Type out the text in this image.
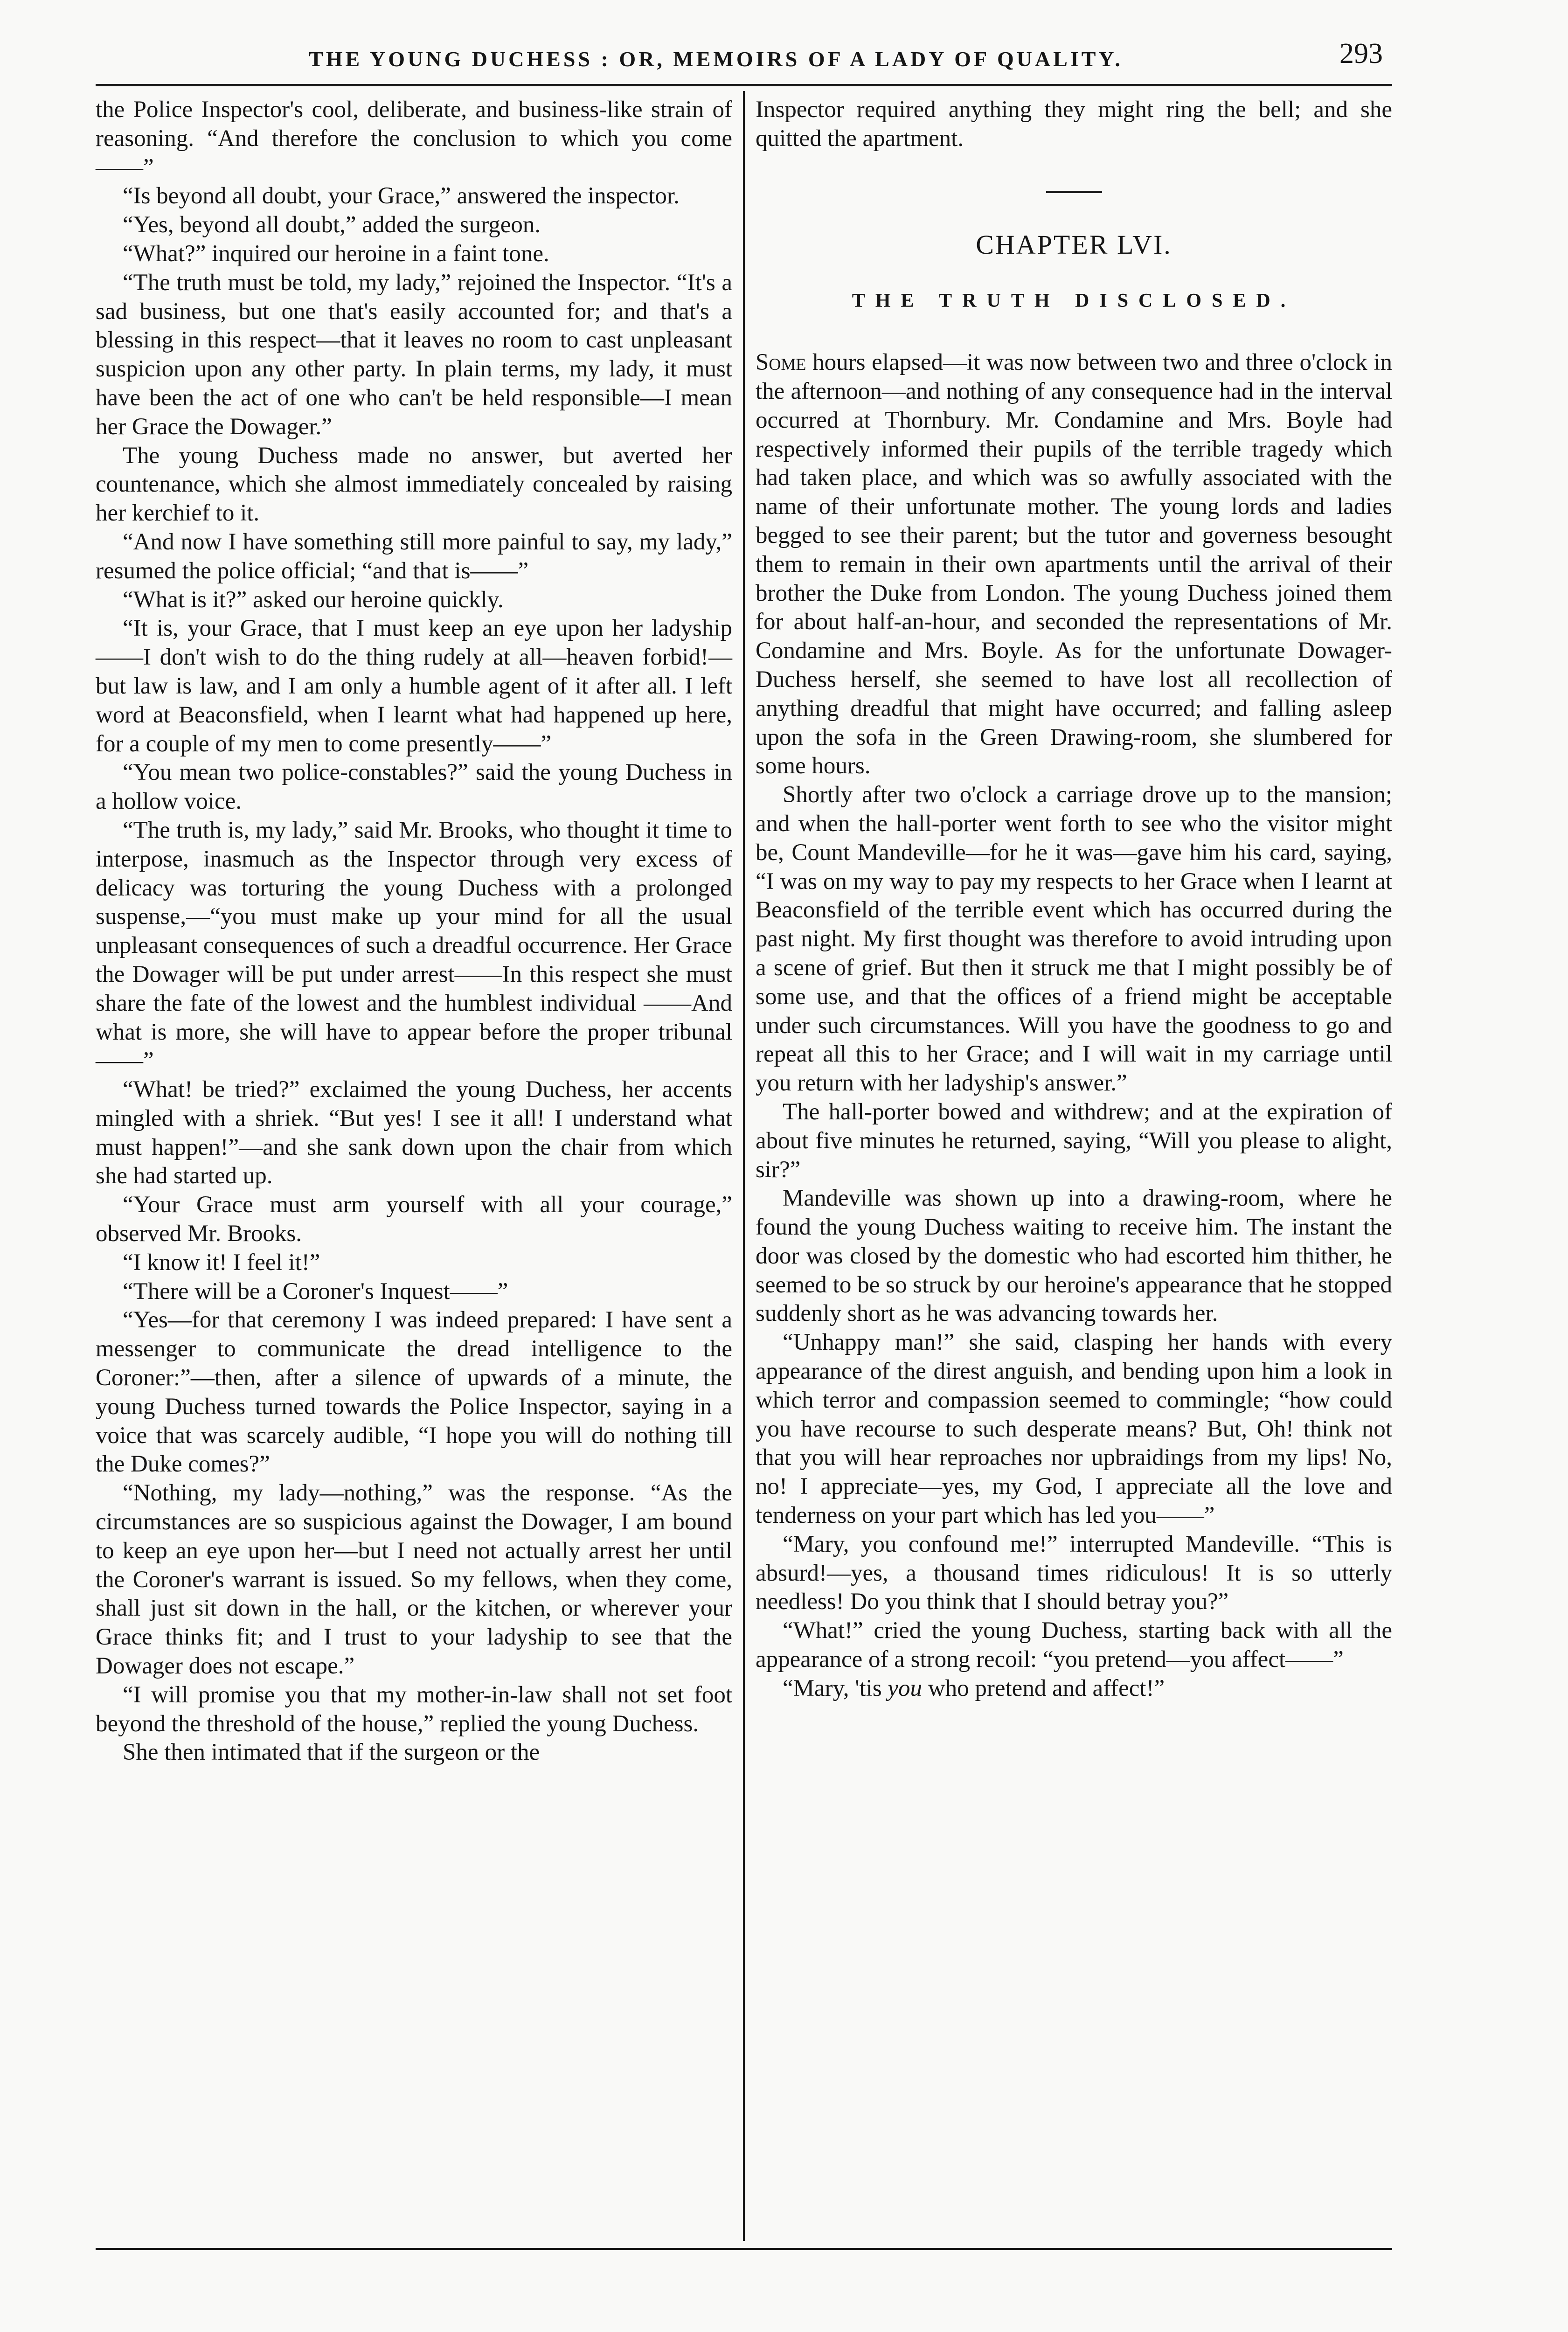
THE YOUNG DUCHESS : OR, MEMOIRS OF A LADY OF QUALITY.	293

the Police Inspector's cool, deliberate, and business-like strain of reasoning. “And therefore the conclusion to which you come——”

“Is beyond all doubt, your Grace,” answered the inspector.

“Yes, beyond all doubt,” added the surgeon.

“What?” inquired our heroine in a faint tone.

“The truth must be told, my lady,” rejoined the Inspector. “It's a sad business, but one that's easily accounted for; and that's a blessing in this respect—that it leaves no room to cast unpleasant suspicion upon any other party. In plain terms, my lady, it must have been the act of one who can't be held responsible—I mean her Grace the Dowager.”

The young Duchess made no answer, but averted her countenance, which she almost immediately concealed by raising her kerchief to it.

“And now I have something still more painful to say, my lady,” resumed the police official; “and that is——”

“What is it?” asked our heroine quickly.

“It is, your Grace, that I must keep an eye upon her ladyship——I don't wish to do the thing rudely at all—heaven forbid!—but law is law, and I am only a humble agent of it after all. I left word at Beaconsfield, when I learnt what had happened up here, for a couple of my men to come presently——”

“You mean two police-constables?” said the young Duchess in a hollow voice.

“The truth is, my lady,” said Mr. Brooks, who thought it time to interpose, inasmuch as the Inspector through very excess of delicacy was torturing the young Duchess with a prolonged suspense,—“you must make up your mind for all the usual unpleasant consequences of such a dreadful occurrence. Her Grace the Dowager will be put under arrest——In this respect she must share the fate of the lowest and the humblest individual ——And what is more, she will have to appear before the proper tribunal——”

“What! be tried?” exclaimed the young Duchess, her accents mingled with a shriek. “But yes! I see it all! I understand what must happen!”—and she sank down upon the chair from which she had started up.

“Your Grace must arm yourself with all your courage,” observed Mr. Brooks.

“I know it! I feel it!”

“There will be a Coroner's Inquest——”

“Yes—for that ceremony I was indeed prepared: I have sent a messenger to communicate the dread intelligence to the Coroner:”—then, after a silence of upwards of a minute, the young Duchess turned towards the Police Inspector, saying in a voice that was scarcely audible, “I hope you will do nothing till the Duke comes?”

“Nothing, my lady—nothing,” was the response. “As the circumstances are so suspicious against the Dowager, I am bound to keep an eye upon her—but I need not actually arrest her until the Coroner's warrant is issued. So my fellows, when they come, shall just sit down in the hall, or the kitchen, or wherever your Grace thinks fit; and I trust to your ladyship to see that the Dowager does not escape.”

“I will promise you that my mother-in-law shall not set foot beyond the threshold of the house,” replied the young Duchess.

She then intimated that if the surgeon or the

Inspector required anything they might ring the bell; and she quitted the apartment.

CHAPTER LVI.
THE TRUTH DISCLOSED.

Some hours elapsed—it was now between two and three o'clock in the afternoon—and nothing of any consequence had in the interval occurred at Thornbury. Mr. Condamine and Mrs. Boyle had respectively informed their pupils of the terrible tragedy which had taken place, and which was so awfully associated with the name of their unfortunate mother. The young lords and ladies begged to see their parent; but the tutor and governess besought them to remain in their own apartments until the arrival of their brother the Duke from London. The young Duchess joined them for about half-an-hour, and seconded the representations of Mr. Condamine and Mrs. Boyle. As for the unfortunate Dowager-Duchess herself, she seemed to have lost all recollection of anything dreadful that might have occurred; and falling asleep upon the sofa in the Green Drawing-room, she slumbered for some hours.

Shortly after two o'clock a carriage drove up to the mansion; and when the hall-porter went forth to see who the visitor might be, Count Mandeville—for he it was—gave him his card, saying, “I was on my way to pay my respects to her Grace when I learnt at Beaconsfield of the terrible event which has occurred during the past night. My first thought was therefore to avoid intruding upon a scene of grief. But then it struck me that I might possibly be of some use, and that the offices of a friend might be acceptable under such circumstances. Will you have the goodness to go and repeat all this to her Grace; and I will wait in my carriage until you return with her ladyship's answer.”

The hall-porter bowed and withdrew; and at the expiration of about five minutes he returned, saying, “Will you please to alight, sir?”

Mandeville was shown up into a drawing-room, where he found the young Duchess waiting to receive him. The instant the door was closed by the domestic who had escorted him thither, he seemed to be so struck by our heroine's appearance that he stopped suddenly short as he was advancing towards her.

“Unhappy man!” she said, clasping her hands with every appearance of the direst anguish, and bending upon him a look in which terror and compassion seemed to commingle; “how could you have recourse to such desperate means? But, Oh! think not that you will hear reproaches nor upbraidings from my lips! No, no! I appreciate—yes, my God, I appreciate all the love and tenderness on your part which has led you——”

“Mary, you confound me!” interrupted Mandeville. “This is absurd!—yes, a thousand times ridiculous! It is so utterly needless! Do you think that I should betray you?”

“What!” cried the young Duchess, starting back with all the appearance of a strong recoil: “you pretend—you affect——”

“Mary, 'tis you who pretend and affect!”
